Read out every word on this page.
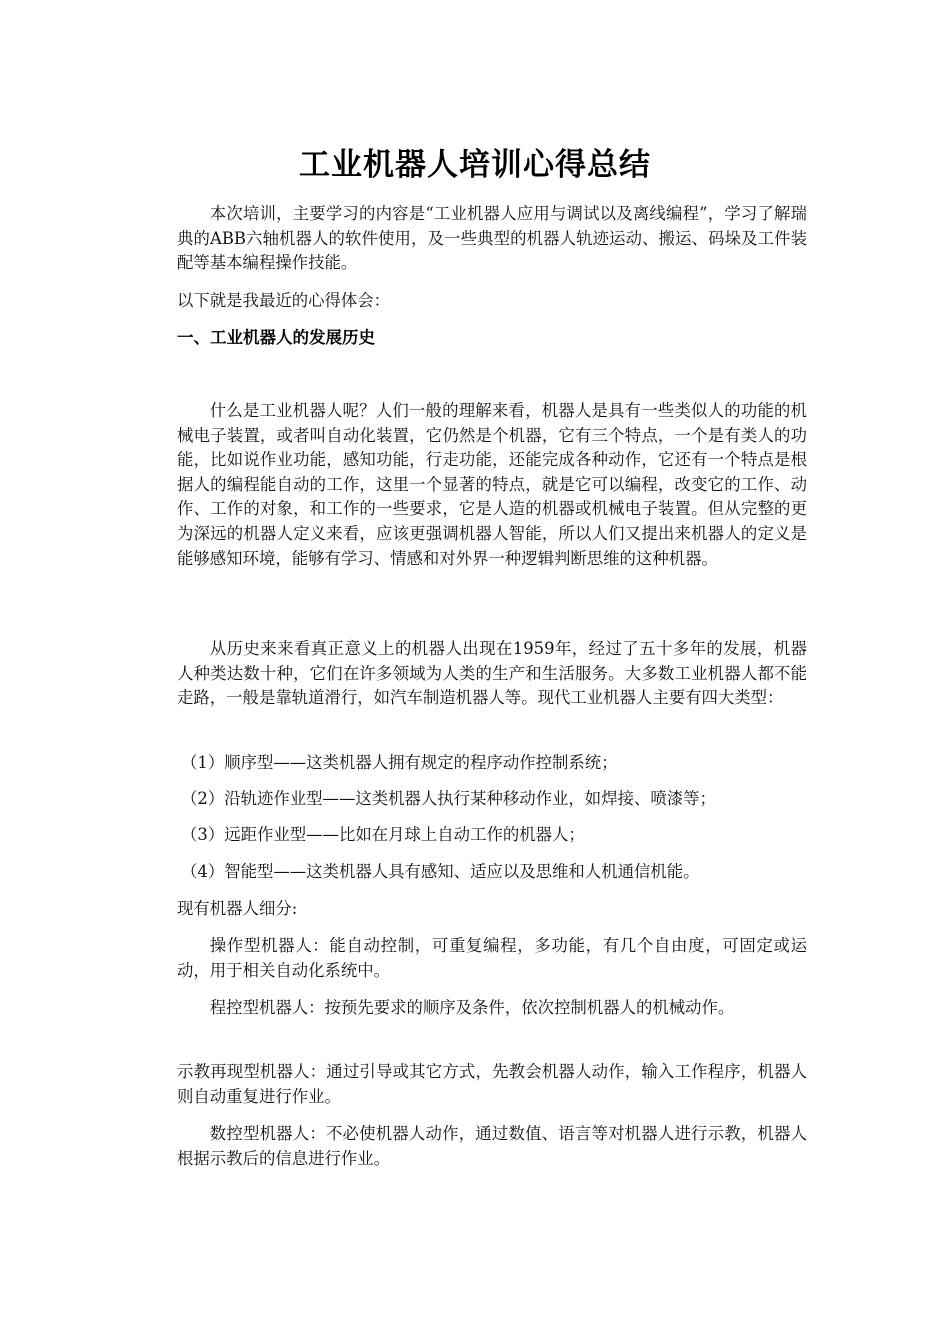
工业机器人培训心得总结

本次培训，主要学习的内容是“工业机器人应用与调试以及离线编程”，学习了解瑞典的ABB六轴机器人的软件使用，及一些典型的机器人轨迹运动、搬运、码垛及工件装配等基本编程操作技能。

以下就是我最近的心得体会：

一、工业机器人的发展历史

什么是工业机器人呢？人们一般的理解来看，机器人是具有一些类似人的功能的机械电子装置，或者叫自动化装置，它仍然是个机器，它有三个特点，一个是有类人的功能，比如说作业功能，感知功能，行走功能，还能完成各种动作，它还有一个特点是根据人的编程能自动的工作，这里一个显著的特点，就是它可以编程，改变它的工作、动作、工作的对象，和工作的一些要求，它是人造的机器或机械电子装置。但从完整的更为深远的机器人定义来看，应该更强调机器人智能，所以人们又提出来机器人的定义是能够感知环境，能够有学习、情感和对外界一种逻辑判断思维的这种机器。

从历史来来看真正意义上的机器人出现在1959年，经过了五十多年的发展，机器人种类达数十种，它们在许多领域为人类的生产和生活服务。大多数工业机器人都不能走路，一般是靠轨道滑行，如汽车制造机器人等。现代工业机器人主要有四大类型：

（1）顺序型——这类机器人拥有规定的程序动作控制系统；

（2）沿轨迹作业型——这类机器人执行某种移动作业，如焊接、喷漆等；

（3）远距作业型——比如在月球上自动工作的机器人；

（4）智能型——这类机器人具有感知、适应以及思维和人机通信机能。

现有机器人细分:

操作型机器人：能自动控制，可重复编程，多功能，有几个自由度，可固定或运动，用于相关自动化系统中。

程控型机器人：按预先要求的顺序及条件，依次控制机器人的机械动作。

示教再现型机器人：通过引导或其它方式，先教会机器人动作，输入工作程序，机器人则自动重复进行作业。

数控型机器人：不必使机器人动作，通过数值、语言等对机器人进行示教，机器人根据示教后的信息进行作业。
